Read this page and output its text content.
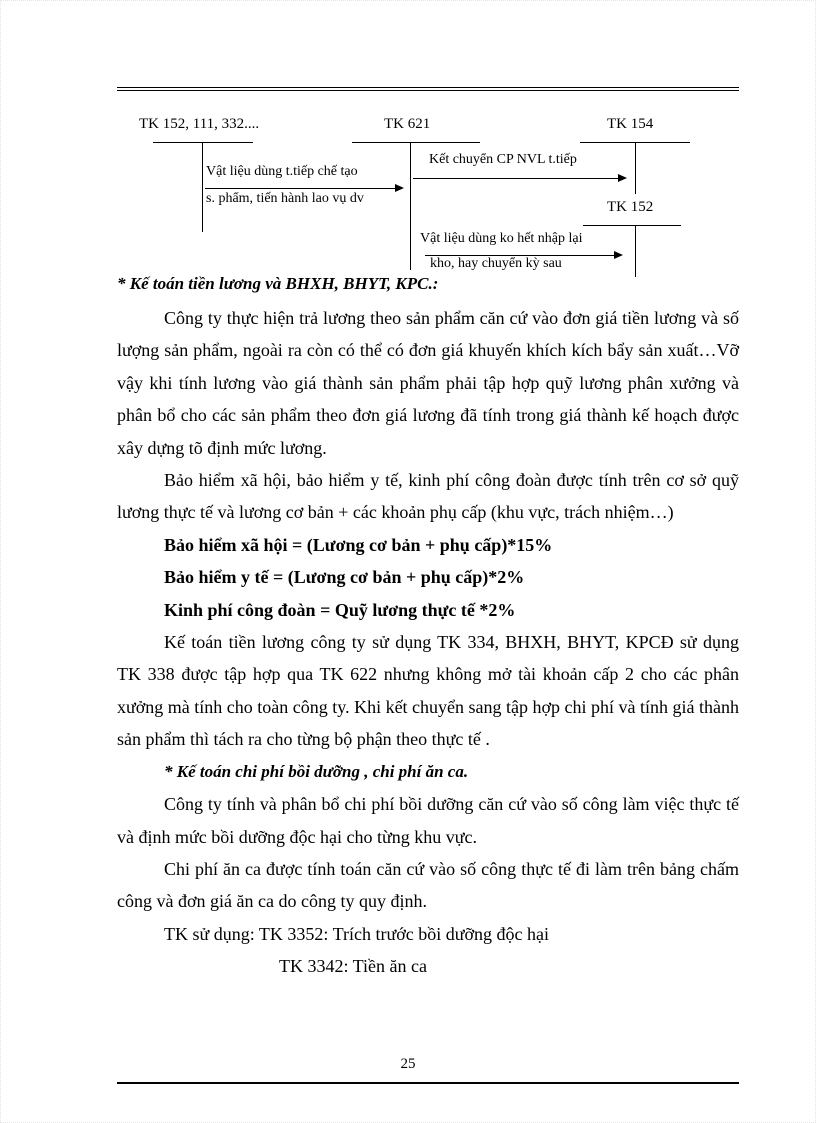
TK 152, 111, 332....	TK 621	TK 154
TK 152
Vật liệu dùng t.tiếp chế tạo
s. phẩm, tiến hành lao vụ dv
Kết chuyển CP NVL t.tiếp
Vật liệu dùng ko hết nhập lại
kho, hay chuyển kỳ sau

* Kế toán tiền lương và BHXH, BHYT, KPC.:

Công ty thực hiện trả lương theo sản phẩm căn cứ vào đơn giá tiền lương và số lượng sản phẩm, ngoài ra còn có thể có đơn giá khuyến khích kích bẩy sản xuất…Vỡ vậy khi tính lương vào giá thành sản phẩm phải tập hợp quỹ lương phân xưởng và phân bổ cho các sản phẩm theo đơn giá lương đã tính trong giá thành kế hoạch được xây dựng tõ định mức lương.

Bảo hiểm xã hội, bảo hiểm y tế, kinh phí công đoàn được tính trên cơ sở quỹ lương thực tế và lương cơ bản + các khoản phụ cấp (khu vực, trách nhiệm…)

Bảo hiểm xã hội = (Lương cơ bản + phụ cấp)*15%

Bảo hiểm y tế = (Lương cơ bản + phụ cấp)*2%

Kinh phí công đoàn = Quỹ lương thực tế *2%

Kế toán tiền lương công ty sử dụng TK 334, BHXH, BHYT, KPCĐ sử dụng TK 338 được tập hợp qua TK 622 nhưng không mở tài khoản cấp 2 cho các phân xưởng mà tính cho toàn công ty. Khi kết chuyển sang tập hợp chi phí và tính giá thành sản phẩm thì tách ra cho từng bộ phận theo thực tế .

* Kế toán chi phí bồi dưỡng , chi phí ăn ca.

Công ty tính và phân bổ chi phí bồi dưỡng căn cứ vào số công làm việc thực tế và định mức bồi dưỡng độc hại cho từng khu vực.

Chi phí ăn ca được tính toán căn cứ vào số công thực tế đi làm trên bảng chấm công và đơn giá ăn ca do công ty quy định.

TK sử dụng: TK 3352: Trích trước bồi dưỡng độc hại

TK 3342: Tiền ăn ca

25
